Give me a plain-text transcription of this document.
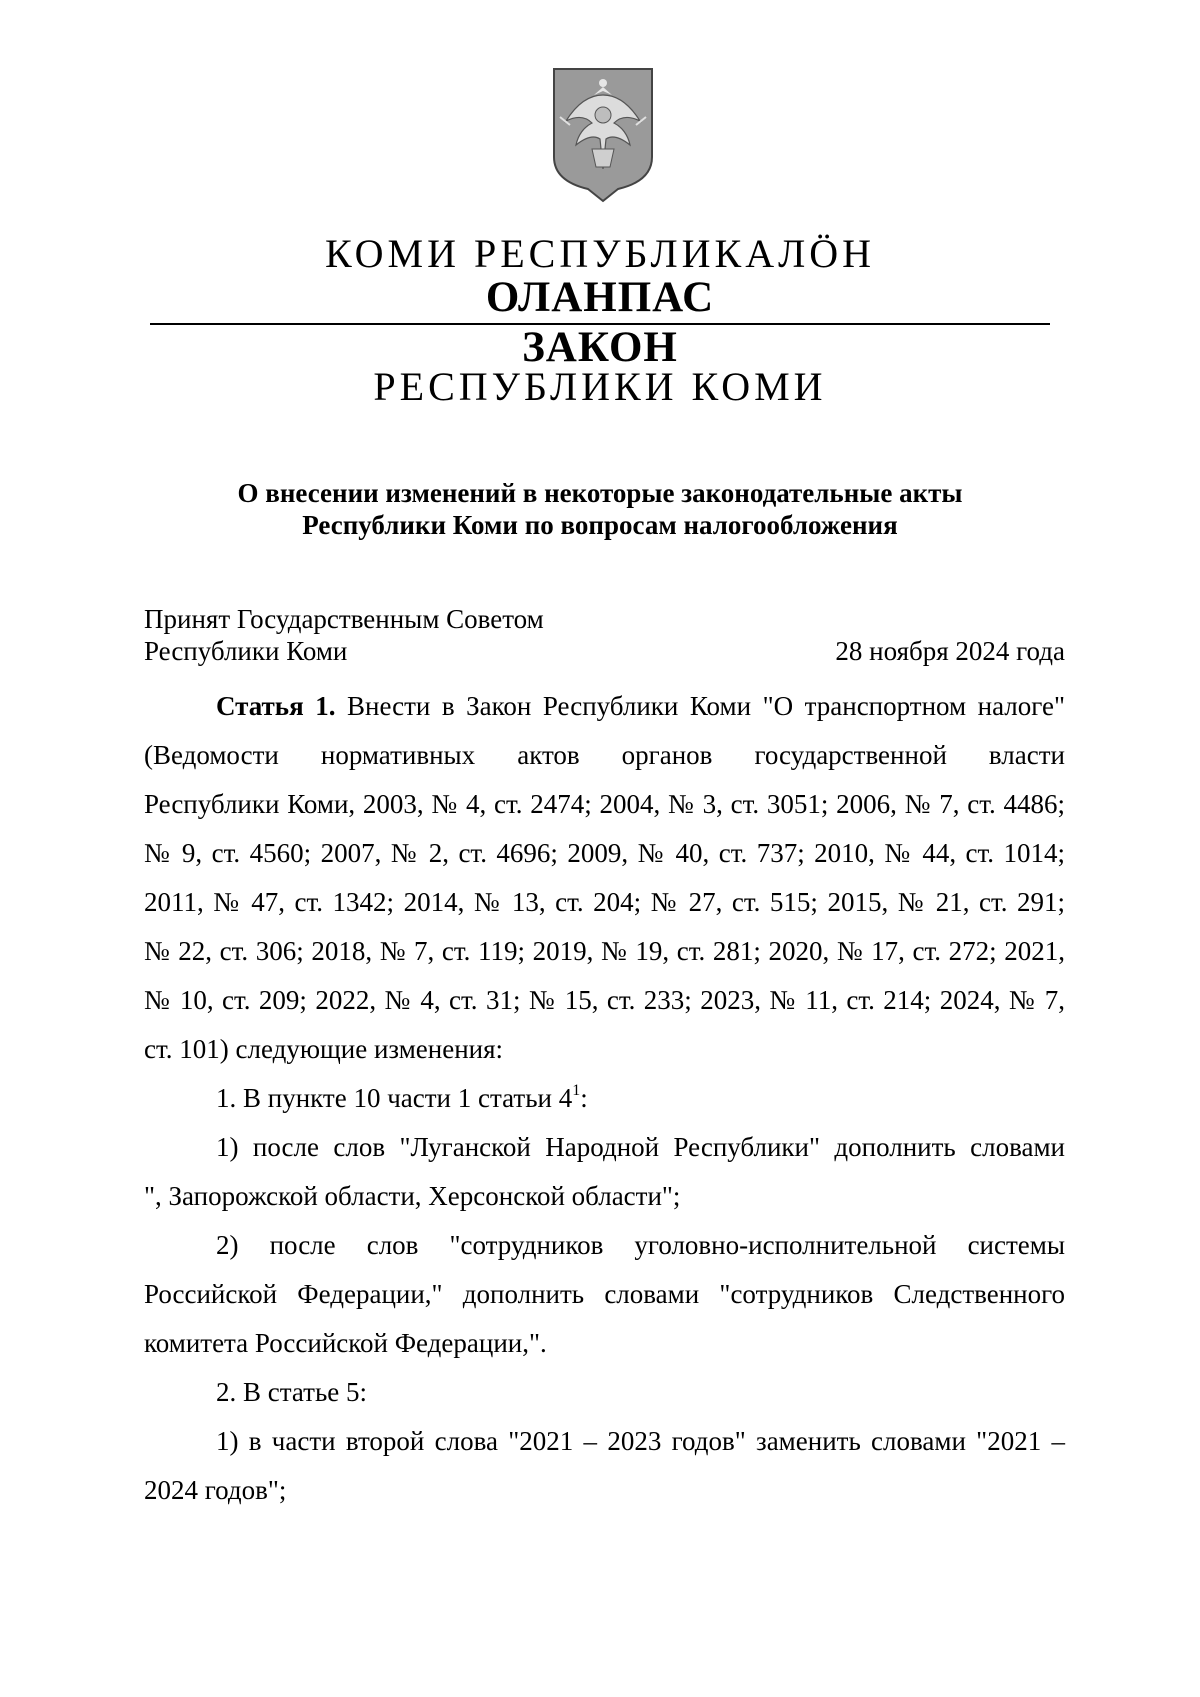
КОМИ РЕСПУБЛИКАЛÖН
ОЛАНПАС
ЗАКОН
РЕСПУБЛИКИ КОМИ
О внесении изменений в некоторые законодательные акты
Республики Коми по вопросам налогообложения
Принят Государственным Советом
Республики Коми	28 ноября 2024 года
Статья 1. Внести в Закон Республики Коми "О транспортном налоге"
(Ведомости нормативных актов органов государственной власти
Республики Коми, 2003, № 4, ст. 2474; 2004, № 3, ст. 3051; 2006, № 7, ст. 4486;
№ 9, ст. 4560; 2007, № 2, ст. 4696; 2009, № 40, ст. 737; 2010, № 44, ст. 1014;
2011, № 47, ст. 1342; 2014, № 13, ст. 204; № 27, ст. 515; 2015, № 21, ст. 291;
№ 22, ст. 306; 2018, № 7, ст. 119; 2019, № 19, ст. 281; 2020, № 17, ст. 272; 2021,
№ 10, ст. 209; 2022, № 4, ст. 31; № 15, ст. 233; 2023, № 11, ст. 214; 2024, № 7,
ст. 101) следующие изменения:
1. В пункте 10 части 1 статьи $4^1$:
1) после слов "Луганской Народной Республики" дополнить словами
", Запорожской области, Херсонской области";
2) после слов "сотрудников уголовно-исполнительной системы
Российской Федерации," дополнить словами "сотрудников Следственного
комитета Российской Федерации,".
2. В статье 5:
1) в части второй слова "2021 – 2023 годов" заменить словами "2021 –
2024 годов";
